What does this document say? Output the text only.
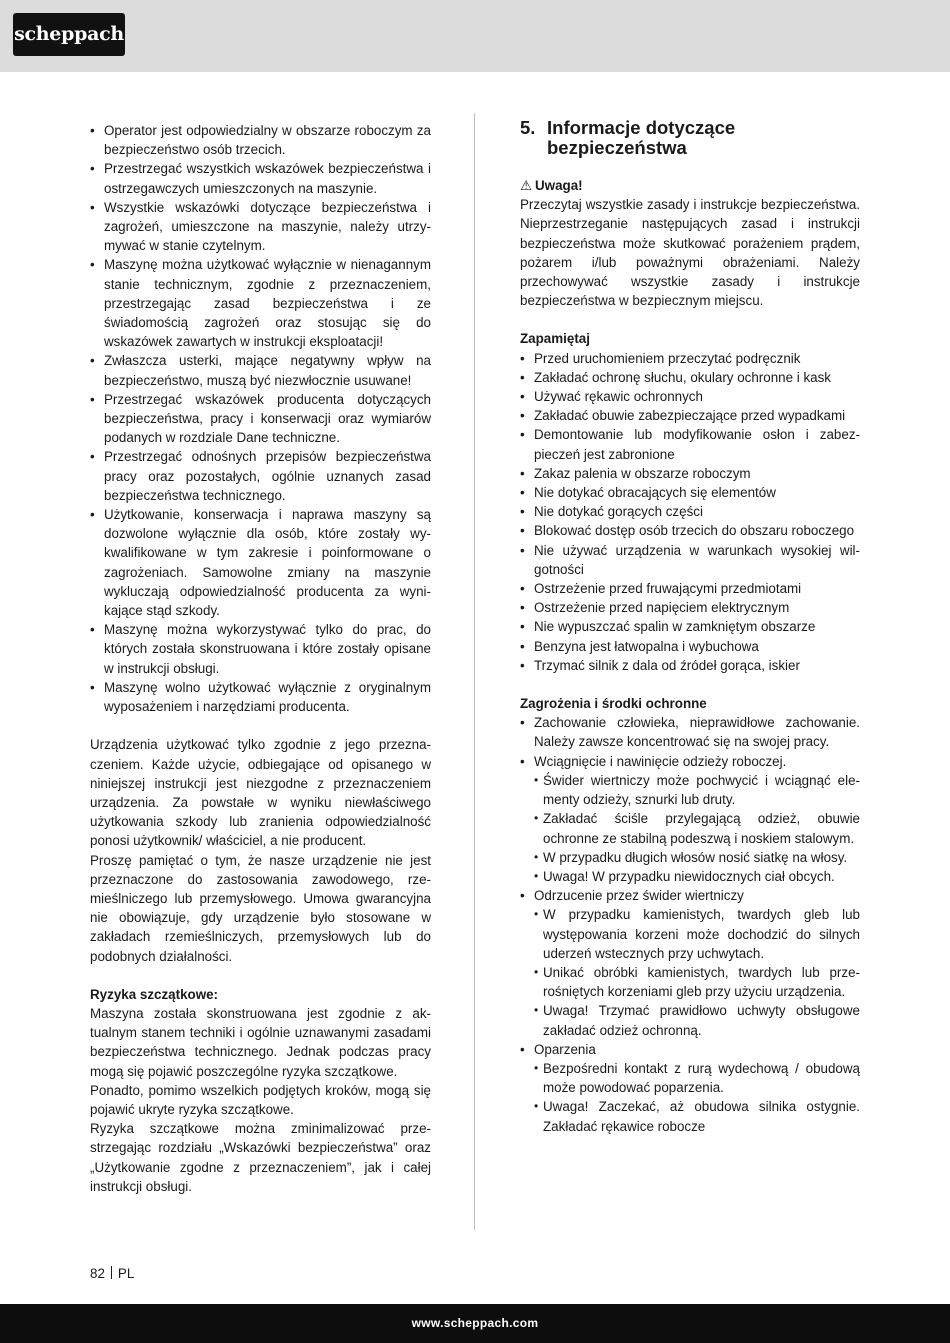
scheppach
• Operator jest odpowiedzialny w obszarze roboczym za bezpieczeństwo osób trzecich.
• Przestrzegać wszystkich wskazówek bezpieczeństwa i ostrzegawczych umieszczonych na maszynie.
• Wszystkie wskazówki dotyczące bezpieczeństwa i zagrożeń, umieszczone na maszynie, należy utrzymywać w stanie czytelnym.
• Maszynę można użytkować wyłącznie w nienagannym stanie technicznym, zgodnie z przeznaczeniem, przestrzegając zasad bezpieczeństwa i ze świadomością zagrożeń oraz stosując się do wskazówek zawartych w instrukcji eksploatacji!
• Zwłaszcza usterki, mające negatywny wpływ na bezpieczeństwo, muszą być niezwłocznie usuwane!
• Przestrzegać wskazówek producenta dotyczących bezpieczeństwa, pracy i konserwacji oraz wymiarów podanych w rozdziale Dane techniczne.
• Przestrzegać odnośnych przepisów bezpieczeństwa pracy oraz pozostałych, ogólnie uznanych zasad bezpieczeństwa technicznego.
• Użytkowanie, konserwacja i naprawa maszyny są dozwolone wyłącznie dla osób, które zostały wykwalifikowane w tym zakresie i poinformowane o zagrożeniach. Samowolne zmiany na maszynie wykluczają odpowiedzialność producenta za wynikające stąd szkody.
• Maszynę można wykorzystywać tylko do prac, do których została skonstruowana i które zostały opisane w instrukcji obsługi.
• Maszynę wolno użytkować wyłącznie z oryginalnym wyposażeniem i narzędziami producenta.

Urządzenia użytkować tylko zgodnie z jego przeznaczeniem. Każde użycie, odbiegające od opisanego w niniejszej instrukcji jest niezgodne z przeznaczeniem urządzenia. Za powstałe w wyniku niewłaściwego użytkowania szkody lub zranienia odpowiedzialność ponosi użytkownik/ właściciel, a nie producent.

Proszę pamiętać o tym, że nasze urządzenie nie jest przeznaczone do zastosowania zawodowego, rzemieślniczego lub przemysłowego. Umowa gwarancyjna nie obowiązuje, gdy urządzenie było stosowane w zakładach rzemieślniczych, przemysłowych lub do podobnych działalności.

Ryzyka szczątkowe:

Maszyna została skonstruowana jest zgodnie z aktualnym stanem techniki i ogólnie uznawanymi zasadami bezpieczeństwa technicznego. Jednak podczas pracy mogą się pojawić poszczególne ryzyka szczątkowe.

Ponadto, pomimo wszelkich podjętych kroków, mogą się pojawić ukryte ryzyka szczątkowe.

Ryzyka szczątkowe można zminimalizować przestrzegając rozdziału „Wskazówki bezpieczeństwa” oraz „Użytkowanie zgodne z przeznaczeniem”, jak i całej instrukcji obsługi.

5. Informacje dotyczące bezpieczeństwa

⚠ Uwaga!

Przeczytaj wszystkie zasady i instrukcje bezpieczeństwa. Nieprzestrzeganie następujących zasad i instrukcji bezpieczeństwa może skutkować porażeniem prądem, pożarem i/lub poważnymi obrażeniami. Należy przechowywać wszystkie zasady i instrukcje bezpieczeństwa w bezpiecznym miejscu.

Zapamiętaj

• Przed uruchomieniem przeczytać podręcznik
• Zakładać ochronę słuchu, okulary ochronne i kask
• Używać rękawic ochronnych
• Zakładać obuwie zabezpieczające przed wypadkami
• Demontowanie lub modyfikowanie osłon i zabezpieczeń jest zabronione
• Zakaz palenia w obszarze roboczym
• Nie dotykać obracających się elementów
• Nie dotykać gorących części
• Blokować dostęp osób trzecich do obszaru roboczego
• Nie używać urządzenia w warunkach wysokiej wilgotności
• Ostrzeżenie przed fruwającymi przedmiotami
• Ostrzeżenie przed napięciem elektrycznym
• Nie wypuszczać spalin w zamkniętym obszarze
• Benzyna jest łatwopalna i wybuchowa
• Trzymać silnik z dala od źródeł gorąca, iskier

Zagrożenia i środki ochronne

• Zachowanie człowieka, nieprawidłowe zachowanie. Należy zawsze koncentrować się na swojej pracy.
• Wciągnięcie i nawinięcie odzieży roboczej.
• Świder wiertniczy może pochwycić i wciągnąć elementy odzieży, sznurki lub druty.
• Zakładać ściśle przylegającą odzież, obuwie ochronne ze stabilną podeszwą i noskiem stalowym.
• W przypadku długich włosów nosić siatkę na włosy.
• Uwaga! W przypadku niewidocznych ciał obcych.
• Odrzucenie przez świder wiertniczy
• W przypadku kamienistych, twardych gleb lub występowania korzeni może dochodzić do silnych uderzeń wstecznych przy uchwytach.
• Unikać obróbki kamienistych, twardych lub przerośniętych korzeniami gleb przy użyciu urządzenia.
• Uwaga! Trzymać prawidłowo uchwyty obsługowe zakładać odzież ochronną.
• Oparzenia
• Bezpośredni kontakt z rurą wydechową / obudową może powodować poparzenia.
• Uwaga! Zaczekać, aż obudowa silnika ostygnie. Zakładać rękawice robocze
82 PL
www.scheppach.com
